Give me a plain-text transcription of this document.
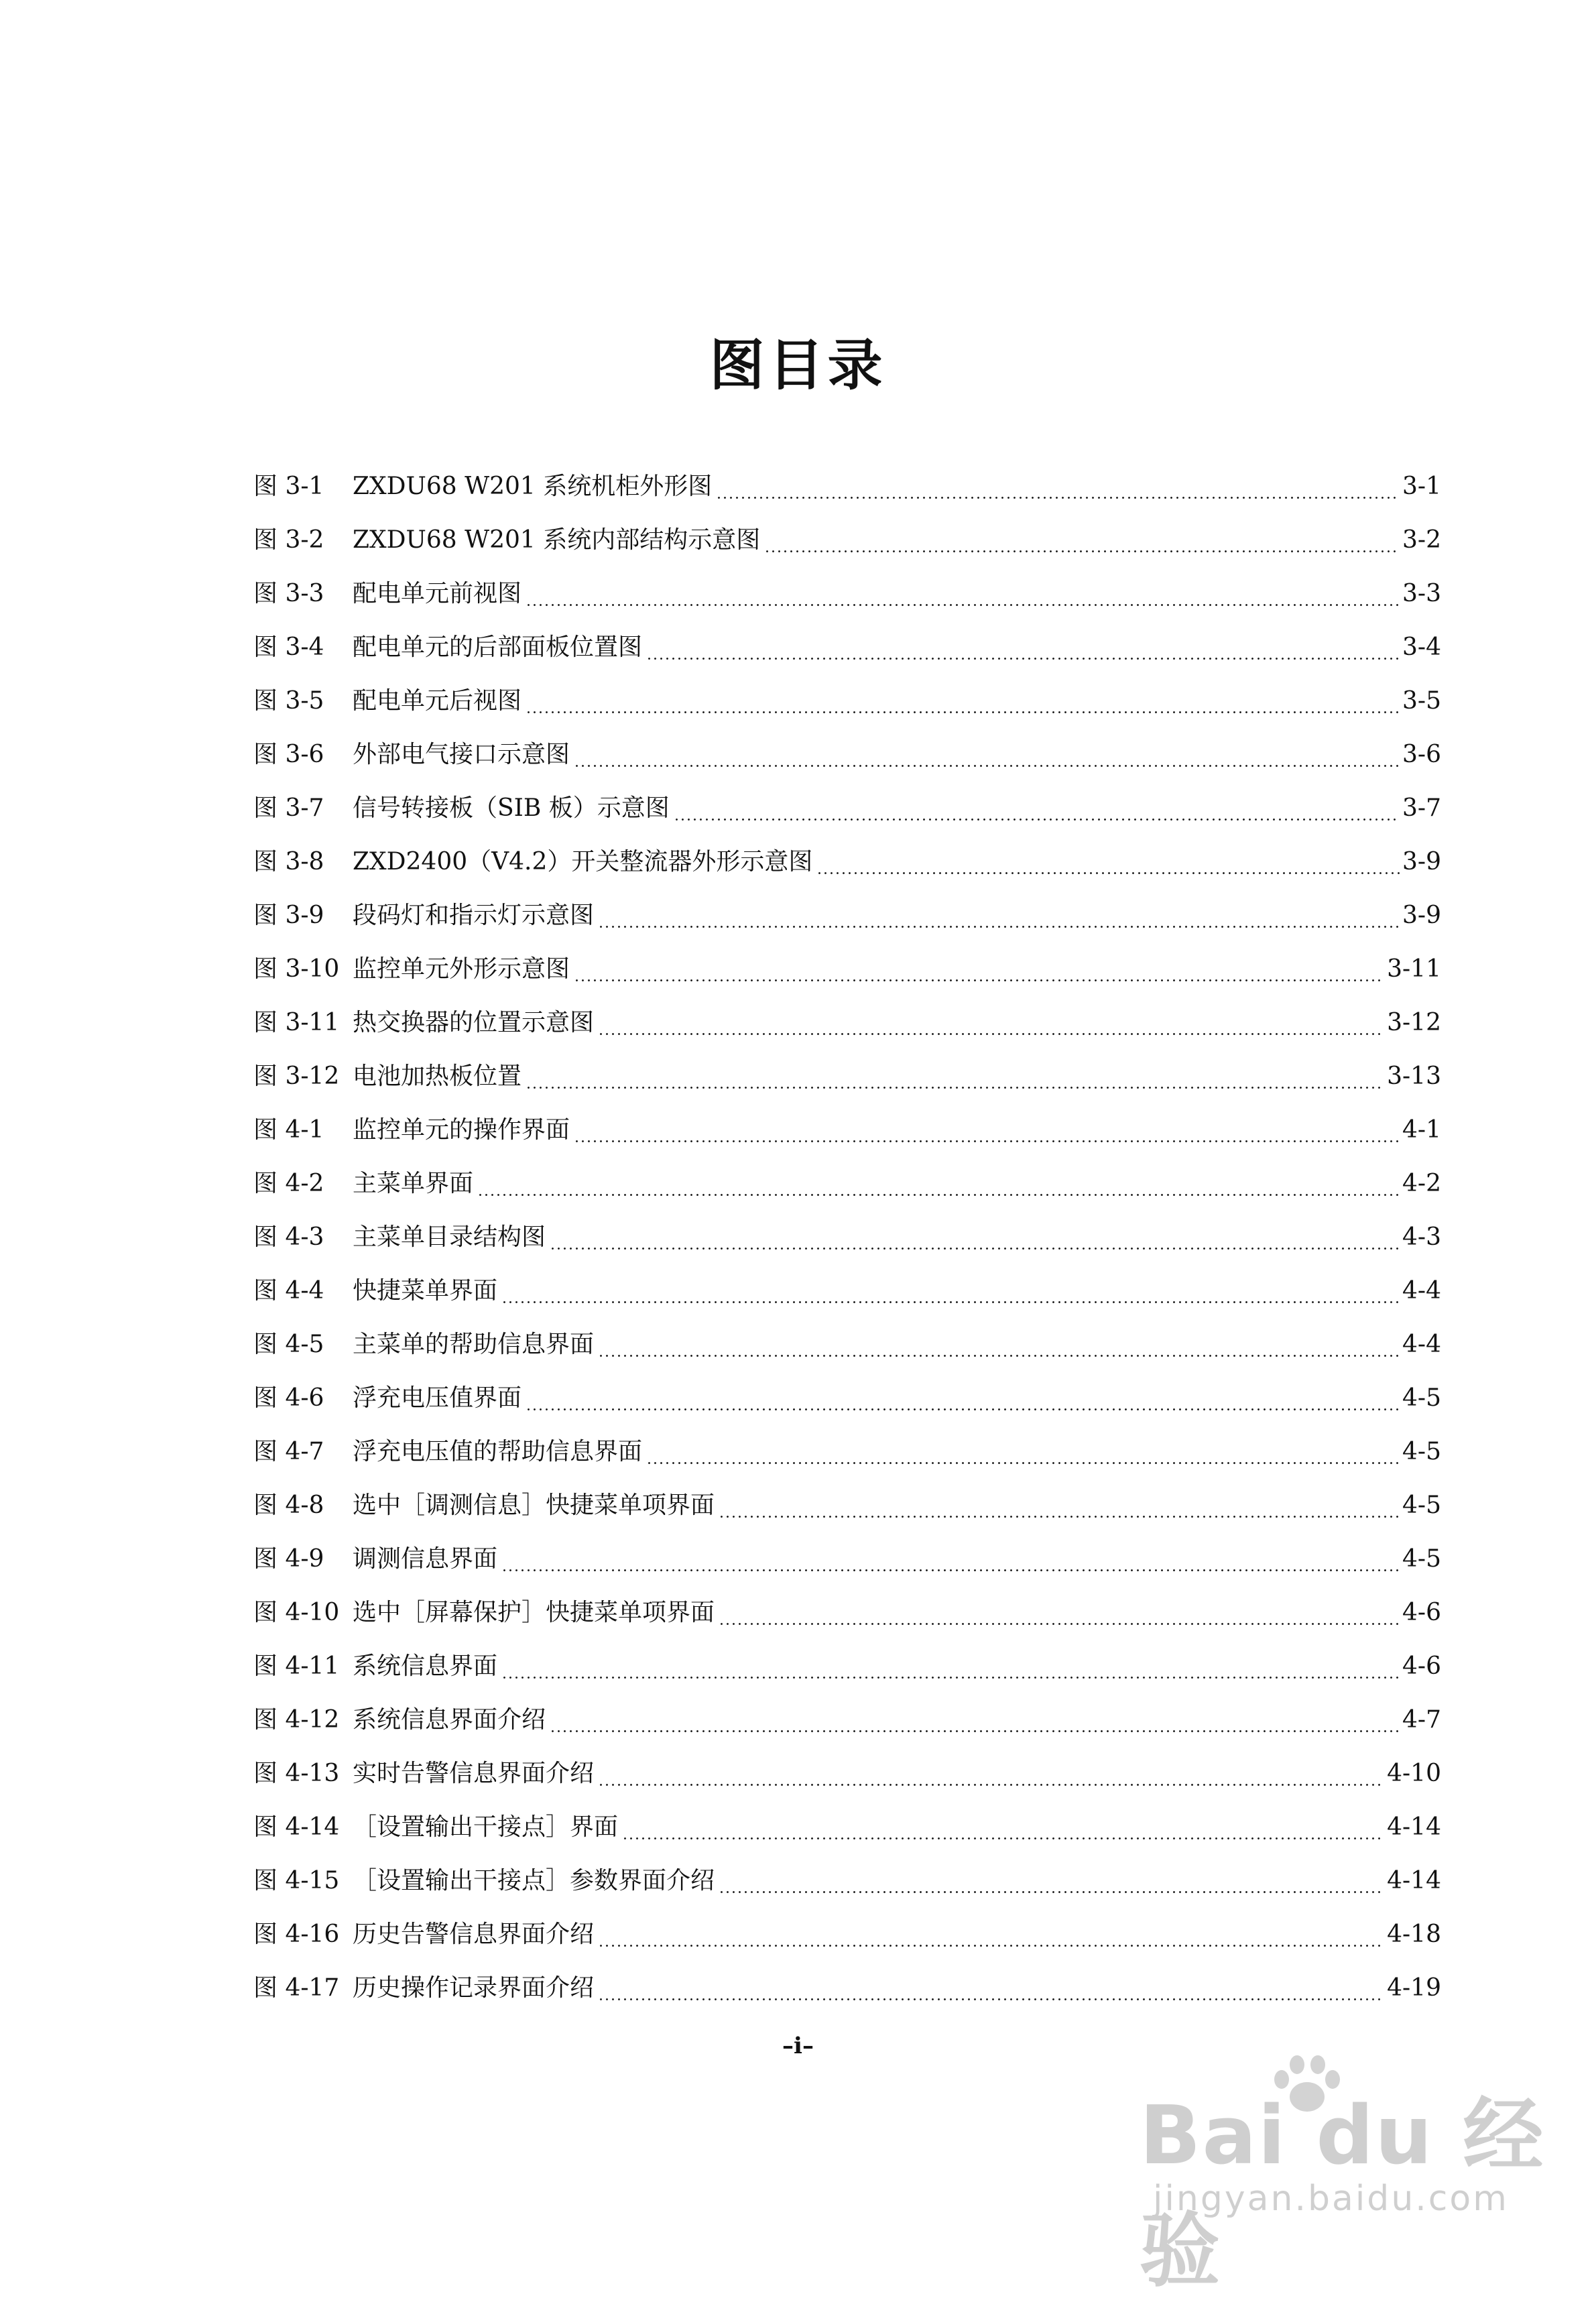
图目录
图 3-1	ZXDU68 W201 系统机柜外形图	3-1
图 3-2	ZXDU68 W201 系统内部结构示意图	3-2
图 3-3	配电单元前视图	3-3
图 3-4	配电单元的后部面板位置图	3-4
图 3-5	配电单元后视图	3-5
图 3-6	外部电气接口示意图	3-6
图 3-7	信号转接板（SIB 板）示意图	3-7
图 3-8	ZXD2400（V4.2）开关整流器外形示意图	3-9
图 3-9	段码灯和指示灯示意图	3-9
图 3-10 监控单元外形示意图	3-11
图 3-11 热交换器的位置示意图	3-12
图 3-12 电池加热板位置	3-13
图 4-1	监控单元的操作界面	4-1
图 4-2	主菜单界面	4-2
图 4-3	主菜单目录结构图	4-3
图 4-4	快捷菜单界面	4-4
图 4-5	主菜单的帮助信息界面	4-4
图 4-6	浮充电压值界面	4-5
图 4-7	浮充电压值的帮助信息界面	4-5
图 4-8	选中［调测信息］快捷菜单项界面	4-5
图 4-9	调测信息界面	4-5
图 4-10 选中［屏幕保护］快捷菜单项界面	4-6
图 4-11 系统信息界面	4-6
图 4-12 系统信息界面介绍	4-7
图 4-13 实时告警信息界面介绍	4-10
图 4-14 ［设置输出干接点］界面	4-14
图 4-15 ［设置输出干接点］参数界面介绍	4-14
图 4-16 历史告警信息界面介绍	4-18
图 4-17 历史操作记录界面介绍	4-19
–i–
Bai du 经验
jingyan.baidu.com
